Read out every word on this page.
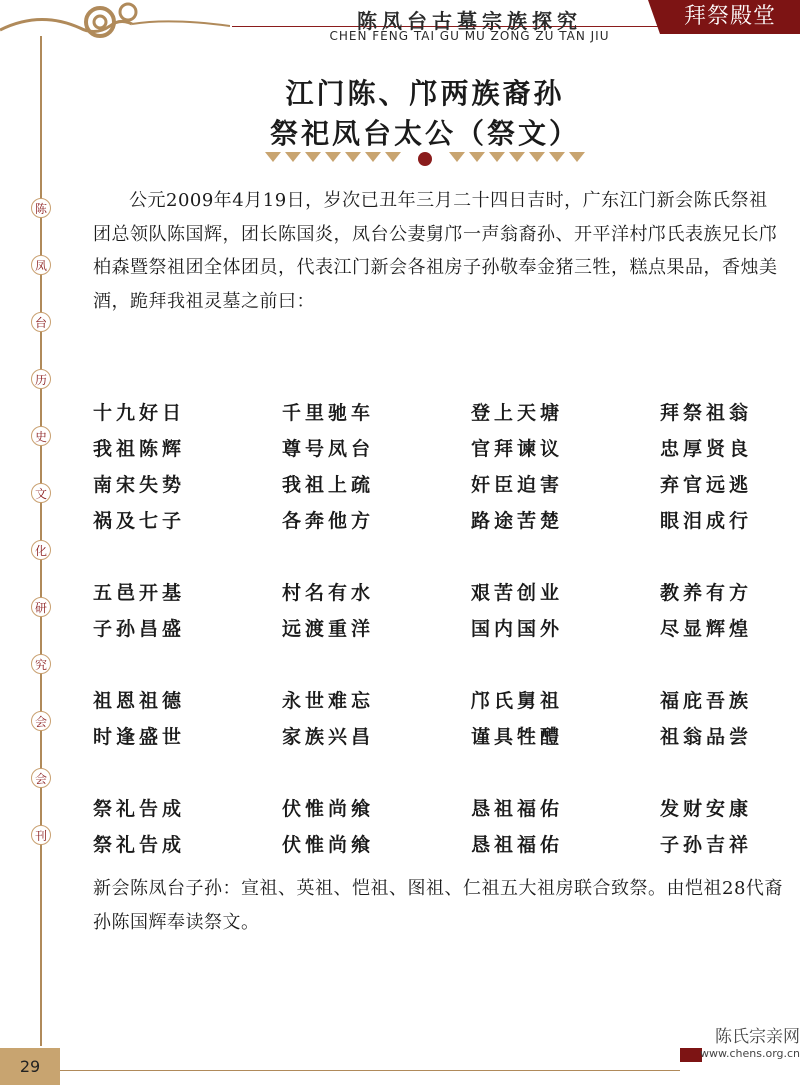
陈凤台古墓宗族探究
CHEN FENG TAI GU MU ZONG ZU TAN JIU
拜祭殿堂
陈
凤
台
历
史
文
化
研
究
会
会
刊
江门陈、邝两族裔孙
祭祀凤台太公（祭文）
公元2009年4月19日，岁次已丑年三月二十四日吉时，广东江门新会陈氏祭祖团总领队陈国辉，团长陈国炎，凤台公妻舅邝一声翁裔孙、开平洋村邝氏表族兄长邝柏森暨祭祖团全体团员，代表江门新会各祖房子孙敬奉金猪三牲，糕点果品，香烛美酒，跪拜我祖灵墓之前曰：
十九好日	千里驰车	登上天塘	拜祭祖翁
我祖陈辉	尊号凤台	官拜谏议	忠厚贤良
南宋失势	我祖上疏	奸臣迫害	弃官远逃
祸及七子	各奔他方	路途苦楚	眼泪成行
五邑开基	村名有水	艰苦创业	教养有方
子孙昌盛	远渡重洋	国内国外	尽显辉煌
祖恩祖德	永世难忘	邝氏舅祖	福庇吾族
时逢盛世	家族兴昌	谨具牲醴	祖翁品尝
祭礼告成	伏惟尚飨	恳祖福佑	发财安康
祭礼告成	伏惟尚飨	恳祖福佑	子孙吉祥
新会陈凤台子孙：宣祖、英祖、恺祖、图祖、仁祖五大祖房联合致祭。由恺祖28代裔孙陈国辉奉读祭文。
29
陈氏宗亲网
www.chens.org.cn
